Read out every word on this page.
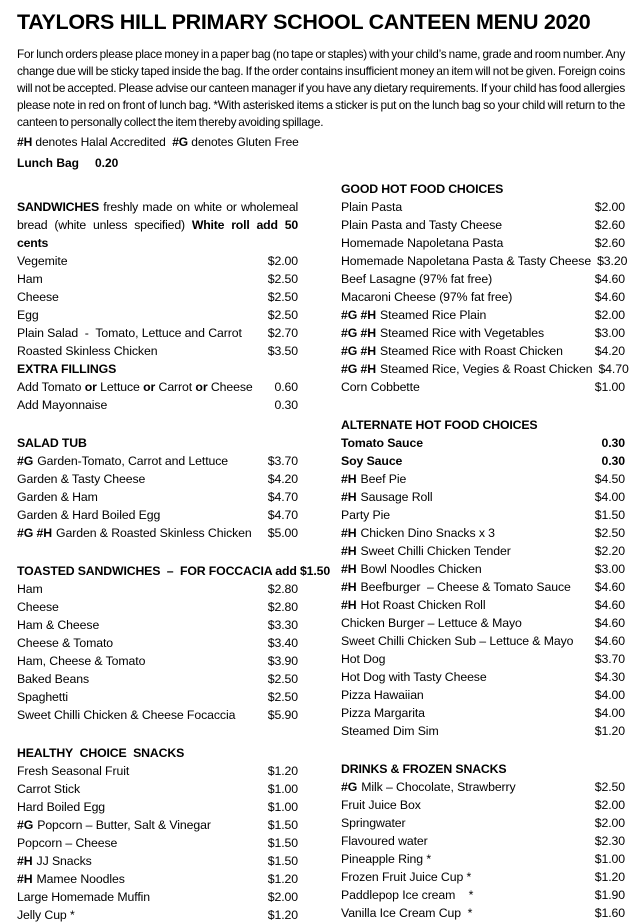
TAYLORS HILL PRIMARY SCHOOL CANTEEN MENU 2020

For lunch orders please place money in a paper bag (no tape or staples) with your child’s name, grade and room number. Any change due will be sticky taped inside the bag. If the order contains insufficient money an item will not be given. Foreign coins will not be accepted. Please advise our canteen manager if you have any dietary requirements. If your child has food allergies please note in red on front of lunch bag. *With asterisked items a sticker is put on the lunch bag so your child will return to the canteen to personally collect the item thereby avoiding spillage.

#H denotes Halal Accredited  #G denotes Gluten Free

Lunch Bag 0.20

SANDWICHES freshly made on white or wholemeal bread (white unless specified) White roll add 50 cents
Vegemite	$2.00
Ham	$2.50
Cheese	$2.50
Egg	$2.50
Plain Salad  -  Tomato, Lettuce and Carrot	$2.70
Roasted Skinless Chicken	$3.50
EXTRA FILLINGS
Add Tomato or Lettuce or Carrot or Cheese	0.60
Add Mayonnaise	0.30
SALAD TUB
#G Garden-Tomato, Carrot and Lettuce	$3.70
Garden & Tasty Cheese	$4.20
Garden & Ham	$4.70
Garden & Hard Boiled Egg	$4.70
#G #H Garden & Roasted Skinless Chicken	$5.00
TOASTED SANDWICHES  –  FOR FOCCACIA add $1.50
Ham	$2.80
Cheese	$2.80
Ham & Cheese	$3.30
Cheese & Tomato	$3.40
Ham, Cheese & Tomato	$3.90
Baked Beans	$2.50
Spaghetti	$2.50
Sweet Chilli Chicken & Cheese Focaccia	$5.90
HEALTHY  CHOICE  SNACKS
Fresh Seasonal Fruit	$1.20
Carrot Stick	$1.00
Hard Boiled Egg	$1.00
#G Popcorn – Butter, Salt & Vinegar	$1.50
Popcorn – Cheese	$1.50
#H JJ Snacks	$1.50
#H Mamee Noodles	$1.20
Large Homemade Muffin	$2.00
Jelly Cup *	$1.20
GOOD HOT FOOD CHOICES
Plain Pasta	$2.00
Plain Pasta and Tasty Cheese	$2.60
Homemade Napoletana Pasta	$2.60
Homemade Napoletana Pasta & Tasty Cheese $3.20
Beef Lasagne (97% fat free)	$4.60
Macaroni Cheese (97% fat free)	$4.60
#G #H Steamed Rice Plain	$2.00
#G #H Steamed Rice with Vegetables	$3.00
#G #H Steamed Rice with Roast Chicken	$4.20
#G #H Steamed Rice, Vegies & Roast Chicken $4.70
Corn Cobbette	$1.00
ALTERNATE HOT FOOD CHOICES
Tomato Sauce	0.30
Soy Sauce	0.30
#H Beef Pie	$4.50
#H Sausage Roll	$4.00
Party Pie	$1.50
#H Chicken Dino Snacks x 3	$2.50
#H Sweet Chilli Chicken Tender	$2.20
#H Bowl Noodles Chicken	$3.00
#H Beefburger  – Cheese & Tomato Sauce	$4.60
#H Hot Roast Chicken Roll	$4.60
Chicken Burger – Lettuce & Mayo	$4.60
Sweet Chilli Chicken Sub – Lettuce & Mayo	$4.60
Hot Dog	$3.70
Hot Dog with Tasty Cheese	$4.30
Pizza Hawaiian	$4.00
Pizza Margarita	$4.00
Steamed Dim Sim	$1.20
DRINKS & FROZEN SNACKS
#G Milk – Chocolate, Strawberry	$2.50
Fruit Juice Box	$2.00
Springwater	$2.00
Flavoured water	$2.30
Pineapple Ring *	$1.00
Frozen Fruit Juice Cup *	$1.20
Paddlepop Ice cream    *	$1.90
Vanilla Ice Cream Cup  *	$1.60
